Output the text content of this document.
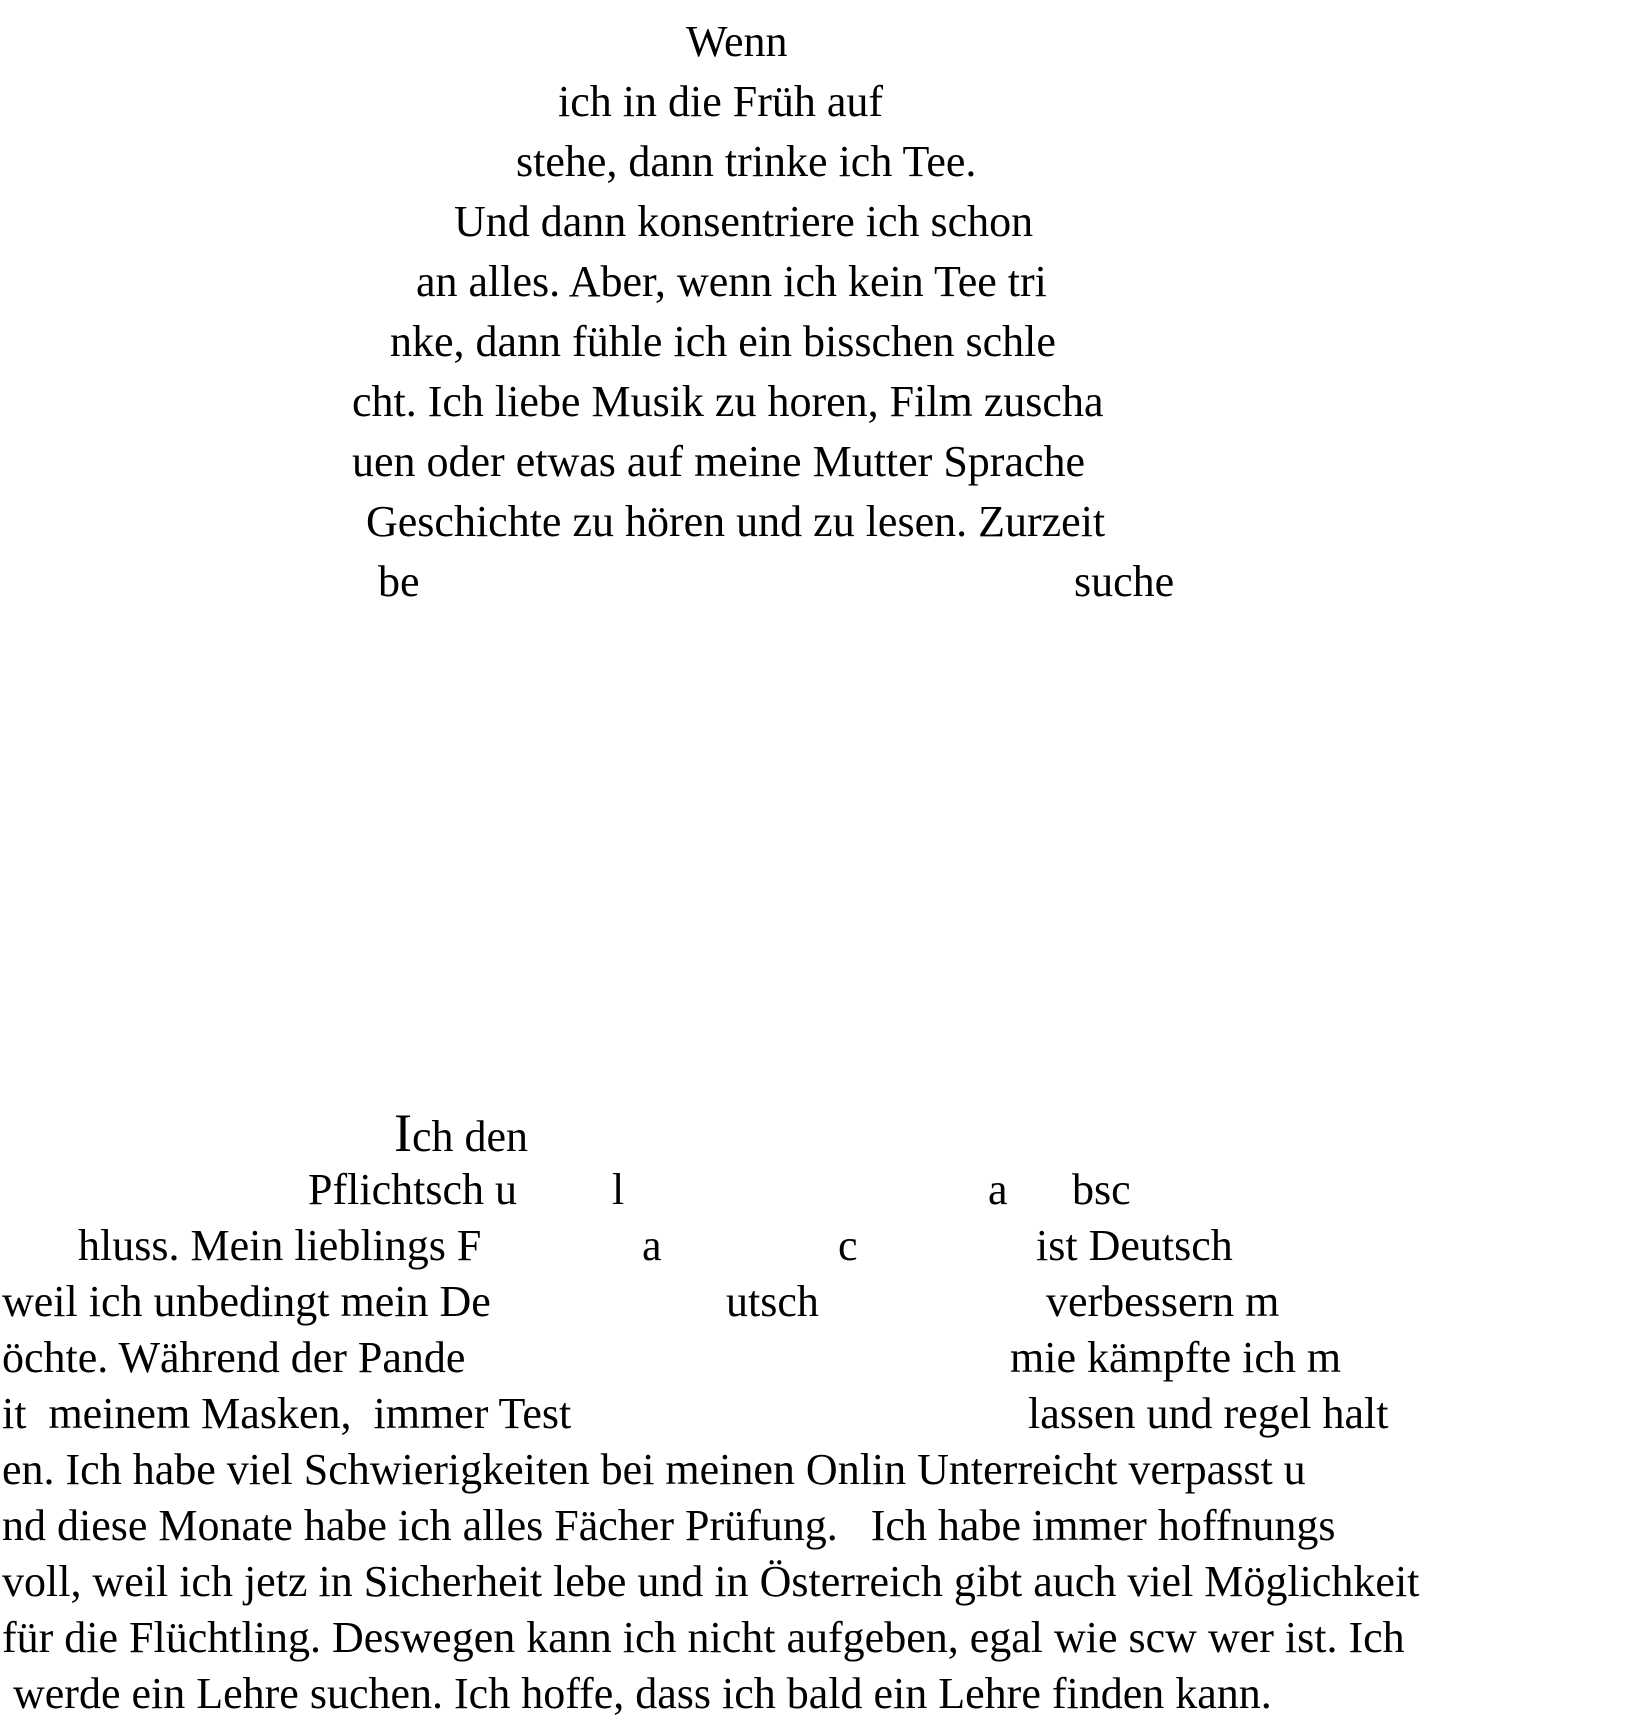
Wenn
ich in die Früh auf
stehe, dann trinke ich Tee.
Und dann konsentriere ich schon
an alles. Aber, wenn ich kein Tee tri
nke, dann fühle ich ein bisschen schle
cht. Ich liebe Musik zu horen, Film zuscha
uen oder etwas auf meine Mutter Sprache
Geschichte zu hören und zu lesen. Zurzeit
be	suche
Ich den
Pflichtsch u l	a bsc
hluss. Mein lieblings F	a	c	ist Deutsch
weil ich unbedingt mein De	utsch	verbessern m
öchte. Während der Pande	mie kämpfte ich m
it  meinem Masken,  immer Test	lassen und regel halt
en. Ich habe viel Schwierigkeiten bei meinen Onlin Unterreicht verpasst u
nd diese Monate habe ich alles Fächer Prüfung.   Ich habe immer hoffnungs
voll, weil ich jetz in Sicherheit lebe und in Österreich gibt auch viel Möglichkeit
für die Flüchtling. Deswegen kann ich nicht aufgeben, egal wie scw wer ist. Ich
werde ein Lehre suchen. Ich hoffe, dass ich bald ein Lehre finden kann.
